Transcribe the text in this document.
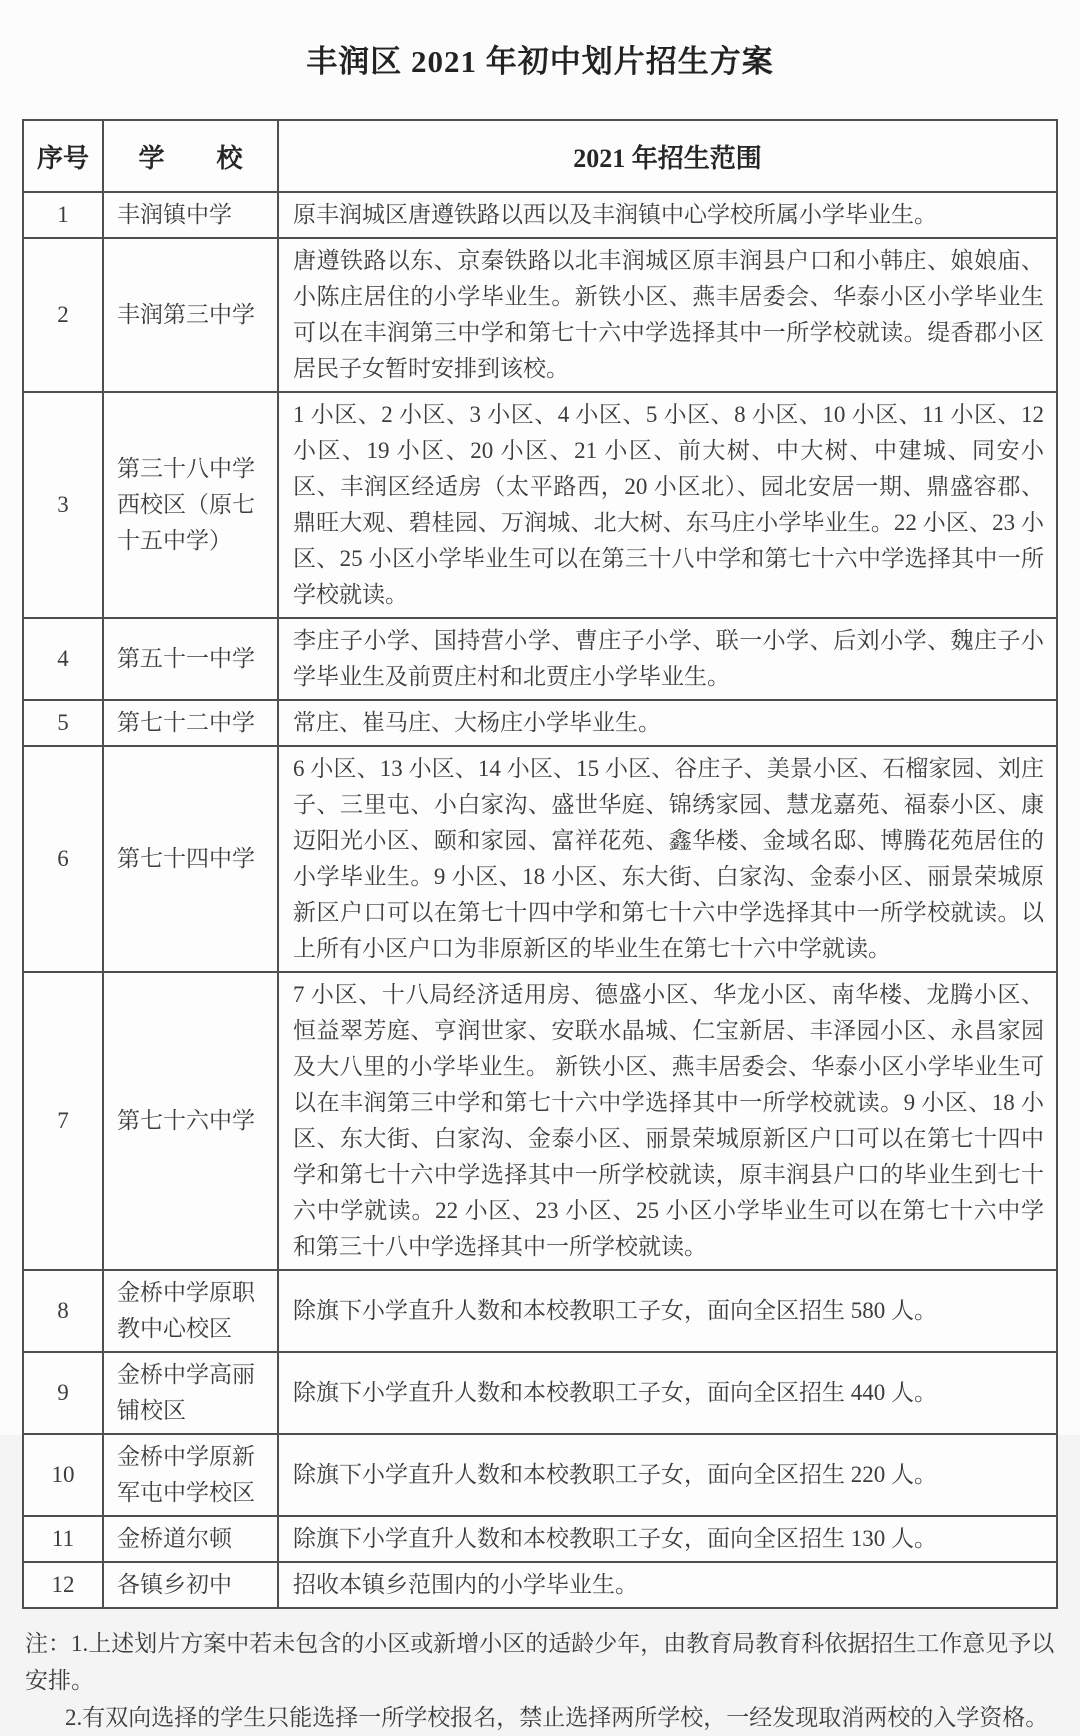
丰润区 2021 年初中划片招生方案
序号	学　　校	2021 年招生范围
1	丰润镇中学	原丰润城区唐遵铁路以西以及丰润镇中心学校所属小学毕业生。
2	丰润第三中学	唐遵铁路以东、京秦铁路以北丰润城区原丰润县户口和小韩庄、娘娘庙、小陈庄居住的小学毕业生。新铁小区、燕丰居委会、华泰小区小学毕业生可以在丰润第三中学和第七十六中学选择其中一所学校就读。缇香郡小区居民子女暂时安排到该校。
3	第三十八中学西校区（原七十五中学）	1 小区、2 小区、3 小区、4 小区、5 小区、8 小区、10 小区、11 小区、12 小区、19 小区、20 小区、21 小区、前大树、中大树、中建城、同安小区、丰润区经适房（太平路西，20 小区北）、园北安居一期、鼎盛容郡、鼎旺大观、碧桂园、万润城、北大树、东马庄小学毕业生。22 小区、23 小区、25 小区小学毕业生可以在第三十八中学和第七十六中学选择其中一所学校就读。
4	第五十一中学	李庄子小学、国持营小学、曹庄子小学、联一小学、后刘小学、魏庄子小学毕业生及前贾庄村和北贾庄小学毕业生。
5	第七十二中学	常庄、崔马庄、大杨庄小学毕业生。
6	第七十四中学	6 小区、13 小区、14 小区、15 小区、谷庄子、美景小区、石榴家园、刘庄子、三里屯、小白家沟、盛世华庭、锦绣家园、慧龙嘉苑、福泰小区、康迈阳光小区、颐和家园、富祥花苑、鑫华楼、金域名邸、博腾花苑居住的小学毕业生。9 小区、18 小区、东大街、白家沟、金泰小区、丽景荣城原新区户口可以在第七十四中学和第七十六中学选择其中一所学校就读。以上所有小区户口为非原新区的毕业生在第七十六中学就读。
7	第七十六中学	7 小区、十八局经济适用房、德盛小区、华龙小区、南华楼、龙腾小区、恒益翠芳庭、亨润世家、安联水晶城、仁宝新居、丰泽园小区、永昌家园及大八里的小学毕业生。 新铁小区、燕丰居委会、华泰小区小学毕业生可以在丰润第三中学和第七十六中学选择其中一所学校就读。9 小区、18 小区、东大街、白家沟、金泰小区、丽景荣城原新区户口可以在第七十四中学和第七十六中学选择其中一所学校就读，原丰润县户口的毕业生到七十六中学就读。22 小区、23 小区、25 小区小学毕业生可以在第七十六中学和第三十八中学选择其中一所学校就读。
8	金桥中学原职教中心校区	除旗下小学直升人数和本校教职工子女，面向全区招生 580 人。
9	金桥中学高丽铺校区	除旗下小学直升人数和本校教职工子女，面向全区招生 440 人。
10	金桥中学原新军屯中学校区	除旗下小学直升人数和本校教职工子女，面向全区招生 220 人。
11	金桥道尔顿	除旗下小学直升人数和本校教职工子女，面向全区招生 130 人。
12	各镇乡初中	招收本镇乡范围内的小学毕业生。
注：1.上述划片方案中若未包含的小区或新增小区的适龄少年，由教育局教育科依据招生工作意见予以安排。
2.有双向选择的学生只能选择一所学校报名，禁止选择两所学校，一经发现取消两校的入学资格。
